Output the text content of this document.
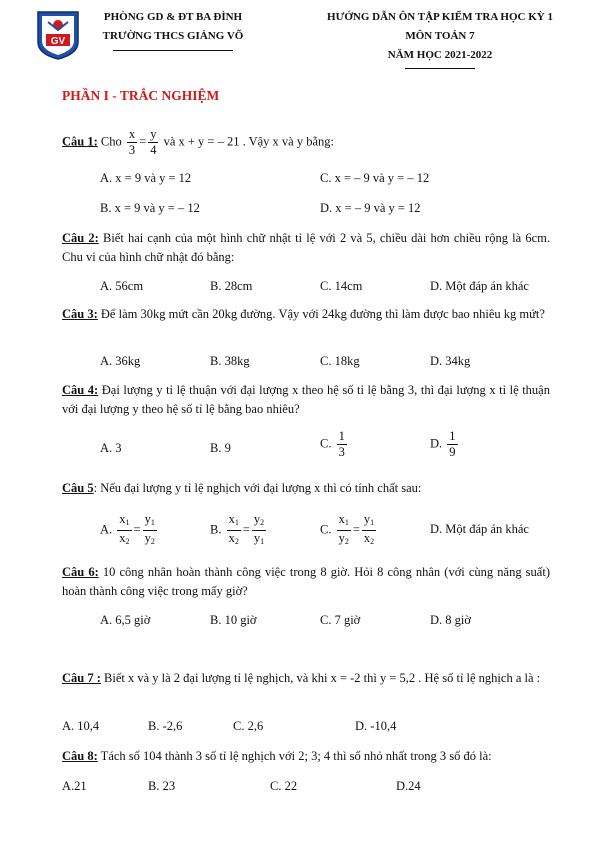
GV
PHÒNG GD & ĐT BA ĐÌNH
TRƯỜNG THCS GIẢNG VÕ
HƯỚNG DẪN ÔN TẬP KIỂM TRA HỌC KỲ 1
MÔN TOÁN 7
NĂM HỌC 2021-2022
PHẦN I - TRẮC NGHIỆM
Câu 1: Cho $\frac{x}{3} = \frac{y}{4}$ và x + y = – 21 . Vậy x và y bằng:
A. x = 9 và y = 12	C. x = – 9 và y = – 12
B. x = 9 và y = – 12	D. x = – 9 và y = 12
Câu 2: Biết hai cạnh của một hình chữ nhật tỉ lệ với 2 và 5, chiều dài hơn chiều rộng là 6cm. Chu vi của hình chữ nhật đó bằng:
A. 56cm	B. 28cm	C. 14cm	D. Một đáp án khác
Câu 3: Để làm 30kg mứt cần 20kg đường. Vậy với 24kg đường thì làm được bao nhiêu kg mứt?
A. 36kg	B. 38kg	C. 18kg	D. 34kg
Câu 4: Đại lượng y tỉ lệ thuận với đại lượng x theo hệ số tỉ lệ bằng 3, thì đại lượng x tỉ lệ thuận với đại lượng y theo hệ số tỉ lệ bằng bao nhiêu?
A. 3	B. 9	C. $\frac{1}{3}$	D. $\frac{1}{9}$
Câu 5: Nếu đại lượng y tỉ lệ nghịch với đại lượng x thì có tính chất sau:
A. $\frac{x_1}{x_2} = \frac{y_1}{y_2}$	B. $\frac{x_1}{x_2} = \frac{y_2}{y_1}$	C. $\frac{x_1}{y_2} = \frac{y_1}{x_2}$	D. Một đáp án khác
Câu 6: 10 công nhân hoàn thành công việc trong 8 giờ. Hỏi 8 công nhân (với cùng năng suất) hoàn thành công việc trong mấy giờ?
A. 6,5 giờ	B. 10 giờ	C. 7 giờ	D. 8 giờ
Câu 7 : Biết x và y là 2 đại lượng tỉ lệ nghịch, và khi x = -2 thì y = 5,2 . Hệ số tỉ lệ nghịch a là :
A. 10,4	B. -2,6	C. 2,6	D. -10,4
Câu 8: Tách số 104 thành 3 số tỉ lệ nghịch với 2; 3; 4 thì số nhỏ nhất trong 3 số đó là:
A.21	B. 23	C. 22	D.24
